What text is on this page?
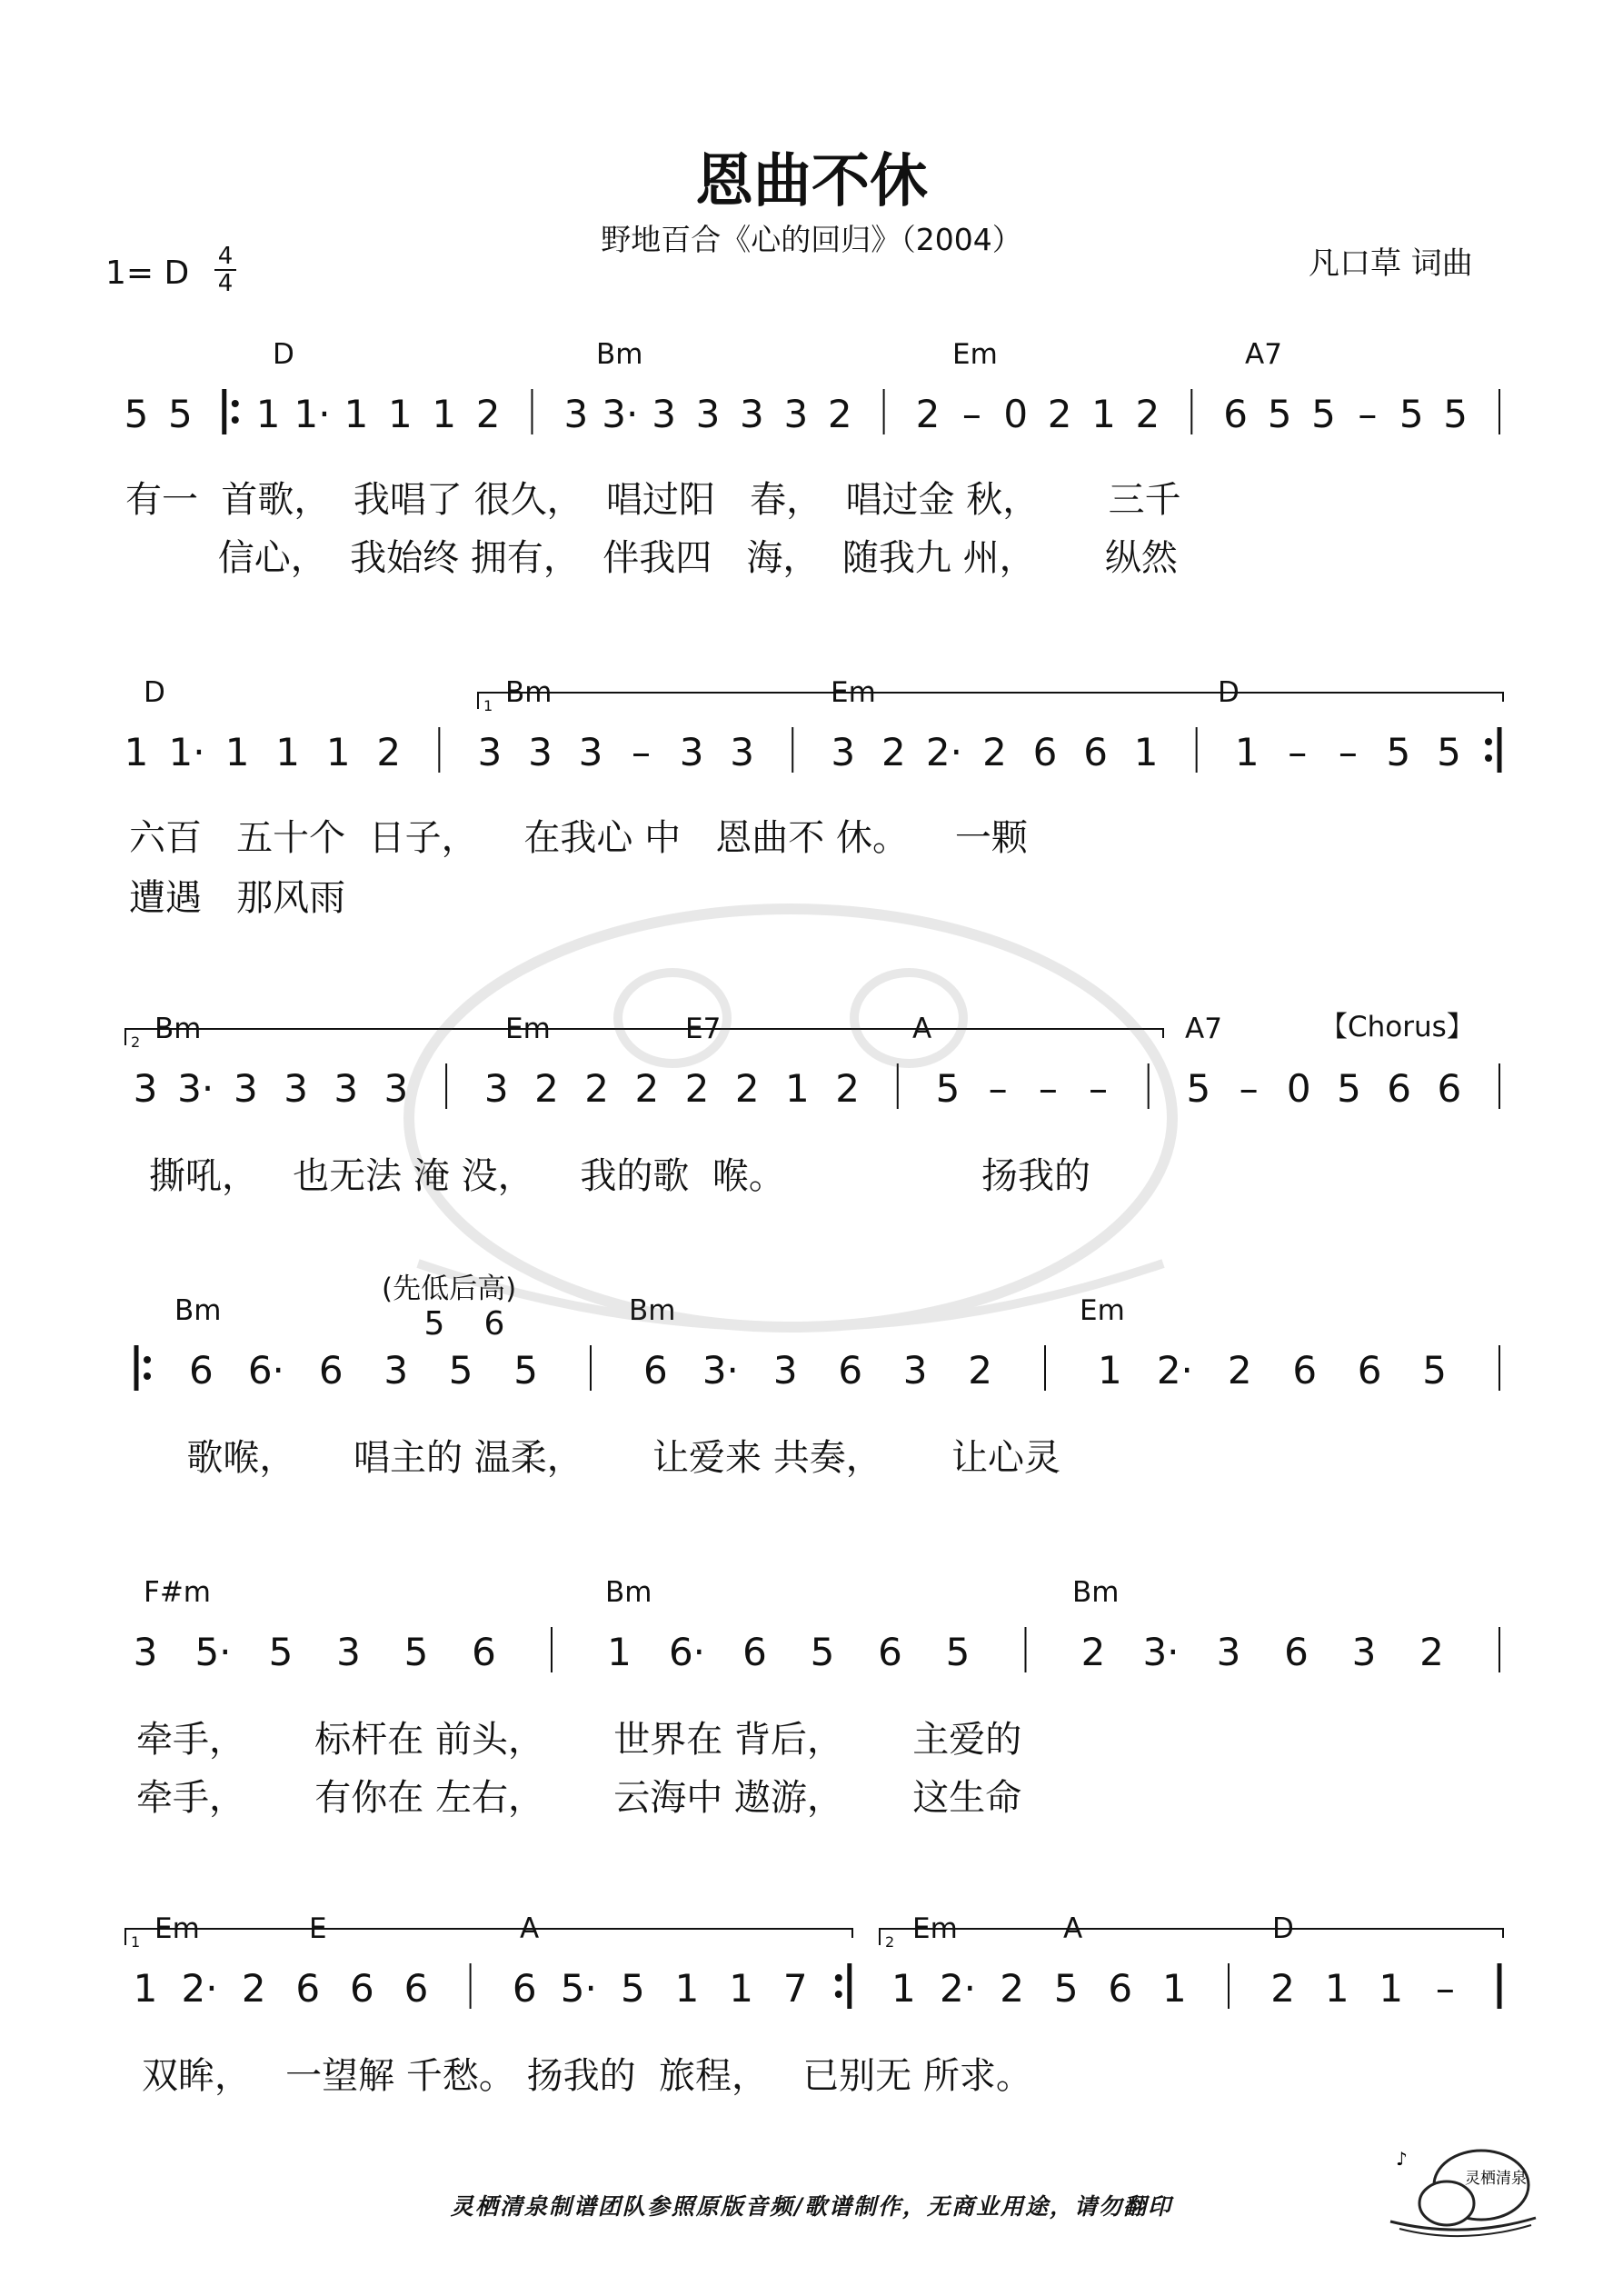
恩曲不休
野地百合《心的回归》（2004）
凡口草 词曲
1= D 4
4
【Chorus】
D	Bm	Em	A7
D	Bm	Em	D
Bm	Em	E7	A	A7
Bm	Bm	Em
(先低后高)
F#m	Bm	Bm
Em	E	A	Em	A	D
有一  首歌，  我唱了 很久，  唱过阳   春，  唱过金 秋，      三千
信心，  我始终 拥有，  伴我四   海，  随我九 州，      纵然
六百   五十个  日子，    在我心 中   恩曲不 休。    一颗
遭遇   那风雨
撕吼，   也无法 淹 没，    我的歌  喉。                 扬我的
歌喉，     唱主的 温柔，      让爱来 共奏，      让心灵
牵手，      标杆在 前头，      世界在 背后，      主爱的
牵手，      有你在 左右，      云海中 遨游，      这生命
双眸，   一望解 千愁。 扬我的  旅程，   已别无 所求。
灵栖清泉制谱团队参照原版音频/歌谱制作，无商业用途，请勿翻印
5 5 1 1· 1 1 1 2 3 3· 3 3 3 3 2 2 – 0 2 1 2 6 5 5 – 5 5
1 1· 1 1 1 2 3 3 3 – 3 3 3 2 2· 2 6 6 1 1 – – 5 5
3 3· 3 3 3 3 3 2 2 2 2 2 1 2 5 – – – 5 – 0 5 6 6
6 6· 6 3 5 5	6 3· 3 6 3 2	1 2· 2 6 6 5
5 6
3 5· 5 3 5 6	1 6· 6 5 6 5	2 3· 3 6 3 2
1 2· 2 6 6 6 6 5· 5 1 1 7 1 2· 2 5 6 1 2 1 1 –
1
2
1	2
♪
灵栖清泉
